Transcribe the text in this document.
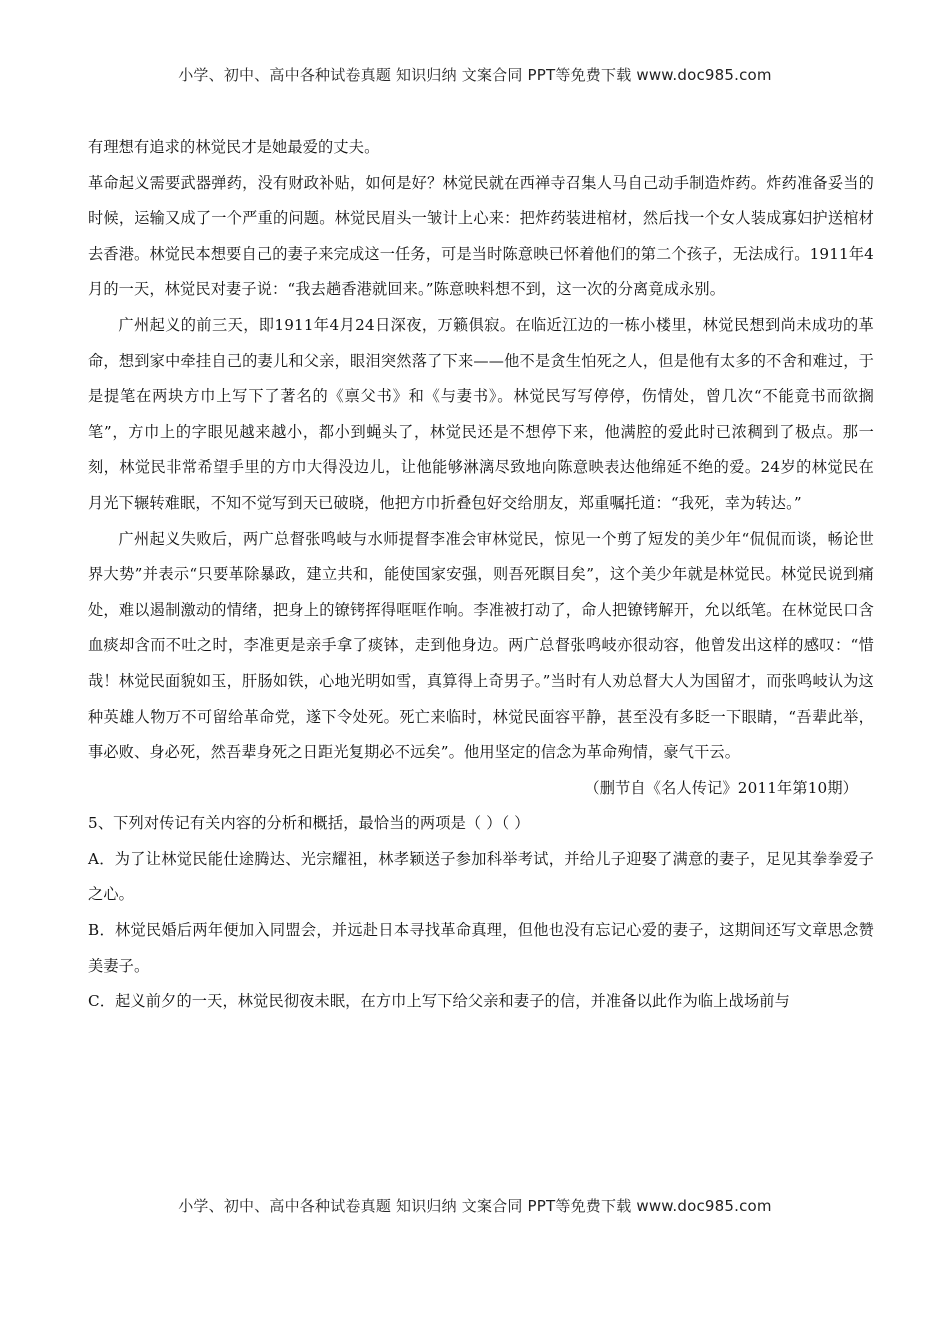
小学、初中、高中各种试卷真题 知识归纳 文案合同 PPT等免费下载 www.doc985.com

有理想有追求的林觉民才是她最爱的丈夫。

革命起义需要武器弹药，没有财政补贴，如何是好？林觉民就在西禅寺召集人马自己动手制造炸药。炸药准备妥当的时候，运输又成了一个严重的问题。林觉民眉头一皱计上心来：把炸药装进棺材，然后找一个女人装成寡妇护送棺材去香港。林觉民本想要自己的妻子来完成这一任务，可是当时陈意映已怀着他们的第二个孩子，无法成行。1911年4月的一天，林觉民对妻子说：“我去趟香港就回来。”陈意映料想不到，这一次的分离竟成永别。

广州起义的前三天，即1911年4月24日深夜，万籁俱寂。在临近江边的一栋小楼里，林觉民想到尚未成功的革命，想到家中牵挂自己的妻儿和父亲，眼泪突然落了下来——他不是贪生怕死之人，但是他有太多的不舍和难过，于是提笔在两块方巾上写下了著名的《禀父书》和《与妻书》。林觉民写写停停，伤情处，曾几次“不能竟书而欲搁笔”，方巾上的字眼见越来越小，都小到蝇头了，林觉民还是不想停下来，他满腔的爱此时已浓稠到了极点。那一刻，林觉民非常希望手里的方巾大得没边儿，让他能够淋漓尽致地向陈意映表达他绵延不绝的爱。24岁的林觉民在月光下辗转难眠，不知不觉写到天已破晓，他把方巾折叠包好交给朋友，郑重嘱托道：“我死，幸为转达。”

广州起义失败后，两广总督张鸣岐与水师提督李准会审林觉民，惊见一个剪了短发的美少年“侃侃而谈，畅论世界大势”并表示“只要革除暴政，建立共和，能使国家安强，则吾死瞑目矣”，这个美少年就是林觉民。林觉民说到痛处，难以遏制激动的情绪，把身上的镣铐挥得哐哐作响。李准被打动了，命人把镣铐解开，允以纸笔。在林觉民口含血痰却含而不吐之时，李准更是亲手拿了痰钵，走到他身边。两广总督张鸣岐亦很动容，他曾发出这样的感叹：“惜哉！林觉民面貌如玉，肝肠如铁，心地光明如雪，真算得上奇男子。”当时有人劝总督大人为国留才，而张鸣岐认为这种英雄人物万不可留给革命党，遂下令处死。死亡来临时，林觉民面容平静，甚至没有多眨一下眼睛，“吾辈此举，事必败、身必死，然吾辈身死之日距光复期必不远矣”。他用坚定的信念为革命殉情，豪气干云。

（删节自《名人传记》2011年第10期）

5、下列对传记有关内容的分析和概括，最恰当的两项是（ ）（ ）

A．为了让林觉民能仕途腾达、光宗耀祖，林孝颖送子参加科举考试，并给儿子迎娶了满意的妻子，足见其拳拳爱子之心。

B．林觉民婚后两年便加入同盟会，并远赴日本寻找革命真理，但他也没有忘记心爱的妻子，这期间还写文章思念赞美妻子。

C．起义前夕的一天，林觉民彻夜未眠，在方巾上写下给父亲和妻子的信，并准备以此作为临上战场前与

小学、初中、高中各种试卷真题 知识归纳 文案合同 PPT等免费下载 www.doc985.com
